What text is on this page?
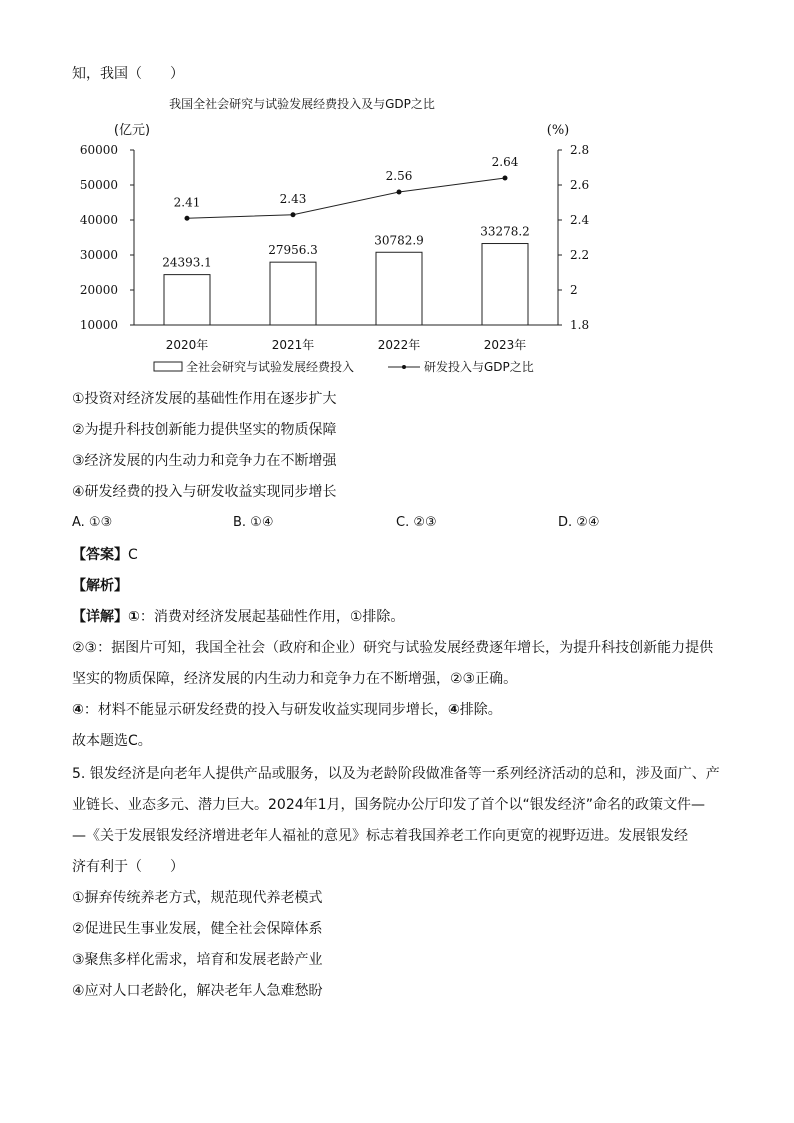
知，我国（　　）
我国全社会研究与试验发展经费投入及与GDP之比
(亿元)	(%)
60000
50000
40000
30000
20000
10000
2.8
2.6
2.4
2.2
2
1.8
24393.1
27956.3
30782.9
33278.2
2020年	2021年	2022年	2023年
2.41	2.43
2.56
2.64
全社会研究与试验发展经费投入	研发投入与GDP之比
①投资对经济发展的基础性作用在逐步扩大
②为提升科技创新能力提供坚实的物质保障
③经济发展的内生动力和竞争力在不断增强
④研发经费的投入与研发收益实现同步增长
A. ①③	B. ①④	C. ②③	D. ②④
【答案】C
【解析】
【详解】①：消费对经济发展起基础性作用，①排除。
②③：据图片可知，我国全社会（政府和企业）研究与试验发展经费逐年增长，为提升科技创新能力提供
坚实的物质保障，经济发展的内生动力和竞争力在不断增强，②③正确。
④：材料不能显示研发经费的投入与研发收益实现同步增长，④排除。
故本题选C。
5. 银发经济是向老年人提供产品或服务，以及为老龄阶段做准备等一系列经济活动的总和，涉及面广、产
业链长、业态多元、潜力巨大。2024年1月，国务院办公厅印发了首个以“银发经济”命名的政策文件—
—《关于发展银发经济增进老年人福祉的意见》标志着我国养老工作向更宽的视野迈进。发展银发经
济有利于（　　）
①摒弃传统养老方式，规范现代养老模式
②促进民生事业发展，健全社会保障体系
③聚焦多样化需求，培育和发展老龄产业
④应对人口老龄化，解决老年人急难愁盼
